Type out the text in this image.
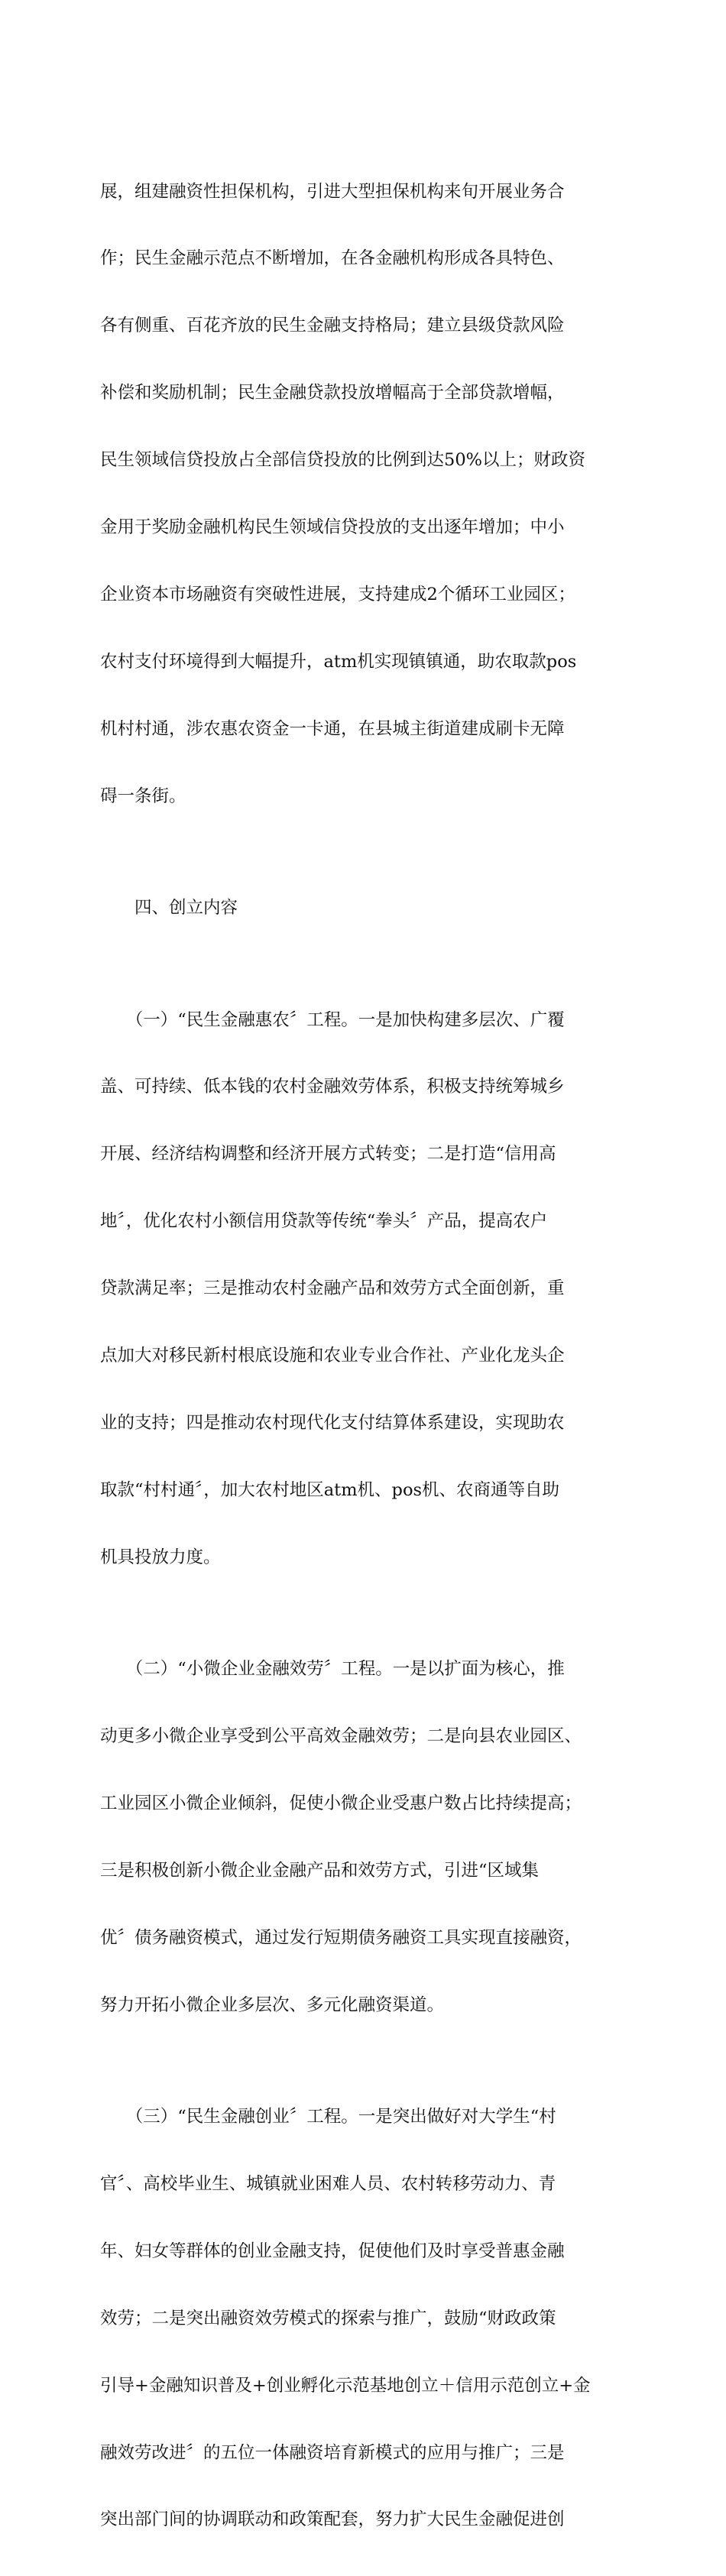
展，组建融资性担保机构，引进大型担保机构来旬开展业务合

作；民生金融示范点不断增加，在各金融机构形成各具特色、

各有侧重、百花齐放的民生金融支持格局；建立县级贷款风险

补偿和奖励机制；民生金融贷款投放增幅高于全部贷款增幅，

民生领域信贷投放占全部信贷投放的比例到达50%以上；财政资

金用于奖励金融机构民生领域信贷投放的支出逐年增加；中小

企业资本市场融资有突破性进展，支持建成2个循环工业园区；

农村支付环境得到大幅提升，atm机实现镇镇通，助农取款pos

机村村通，涉农惠农资金一卡通，在县城主街道建成刷卡无障

碍一条街。

　　四、创立内容

　　（一）“民生金融惠农〞工程。一是加快构建多层次、广覆

盖、可持续、低本钱的农村金融效劳体系，积极支持统筹城乡

开展、经济结构调整和经济开展方式转变；二是打造“信用高

地〞，优化农村小额信用贷款等传统“拳头〞产品，提高农户

贷款满足率；三是推动农村金融产品和效劳方式全面创新，重

点加大对移民新村根底设施和农业专业合作社、产业化龙头企

业的支持；四是推动农村现代化支付结算体系建设，实现助农

取款“村村通〞，加大农村地区atm机、pos机、农商通等自助

机具投放力度。

　　（二）“小微企业金融效劳〞工程。一是以扩面为核心，推

动更多小微企业享受到公平高效金融效劳；二是向县农业园区、

工业园区小微企业倾斜，促使小微企业受惠户数占比持续提高；

三是积极创新小微企业金融产品和效劳方式，引进“区域集

优〞债务融资模式，通过发行短期债务融资工具实现直接融资，

努力开拓小微企业多层次、多元化融资渠道。

　　（三）“民生金融创业〞工程。一是突出做好对大学生“村

官〞、高校毕业生、城镇就业困难人员、农村转移劳动力、青

年、妇女等群体的创业金融支持，促使他们及时享受普惠金融

效劳；二是突出融资效劳模式的探索与推广，鼓励“财政政策

引导+金融知识普及+创业孵化示范基地创立＋信用示范创立+金

融效劳改进〞的五位一体融资培育新模式的应用与推广；三是

突出部门间的协调联动和政策配套，努力扩大民生金融促进创
